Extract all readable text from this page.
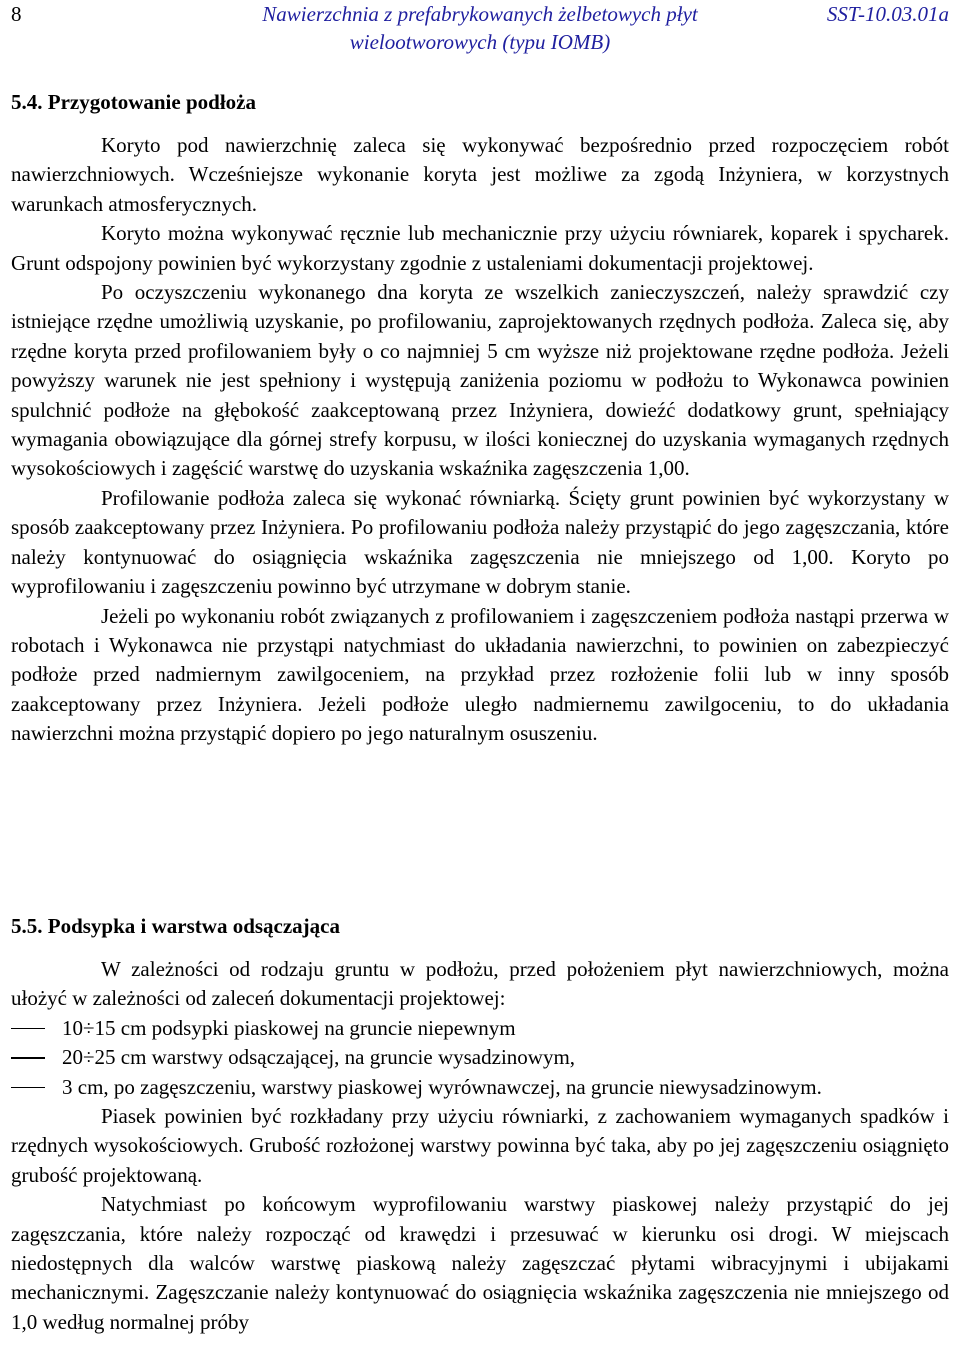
8	Nawierzchnia z prefabrykowanych żelbetowych płyt
wielootworowych (typu IOMB)
SST-10.03.01a
5.4. Przygotowanie podłoża

Koryto pod nawierzchnię zaleca się wykonywać bezpośrednio przed rozpoczęciem robót nawierzchniowych. Wcześniejsze wykonanie koryta jest możliwe za zgodą Inżyniera, w korzystnych warunkach atmosferycznych.

Koryto można wykonywać ręcznie lub mechanicznie przy użyciu równiarek, koparek i spycharek. Grunt odspojony powinien być wykorzystany zgodnie z ustaleniami dokumentacji projektowej.

Po oczyszczeniu wykonanego dna koryta ze wszelkich zanieczyszczeń, należy sprawdzić czy istniejące rzędne umożliwią uzyskanie, po profilowaniu, zaprojektowanych rzędnych podłoża. Zaleca się, aby rzędne koryta przed profilowaniem były o co najmniej 5 cm wyższe niż projektowane rzędne podłoża. Jeżeli powyższy warunek nie jest spełniony i występują zaniżenia poziomu w podłożu to Wykonawca powinien spulchnić podłoże na głębokość zaakceptowaną przez Inżyniera, dowieźć dodatkowy grunt, spełniający wymagania obowiązujące dla górnej strefy korpusu, w ilości koniecznej do uzyskania wymaganych rzędnych wysokościowych i zagęścić warstwę do uzyskania wskaźnika zagęszczenia 1,00.

Profilowanie podłoża zaleca się wykonać równiarką. Ścięty grunt powinien być wykorzystany w sposób zaakceptowany przez Inżyniera. Po profilowaniu podłoża należy przystąpić do jego zagęszczania, które należy kontynuować do osiągnięcia wskaźnika zagęszczenia nie mniejszego od 1,00. Koryto po wyprofilowaniu i zagęszczeniu powinno być utrzymane w dobrym stanie.

Jeżeli po wykonaniu robót związanych z profilowaniem i zagęszczeniem podłoża nastąpi przerwa w robotach i Wykonawca nie przystąpi natychmiast do układania nawierzchni, to powinien on zabezpieczyć podłoże przed nadmiernym zawilgoceniem, na przykład przez rozłożenie folii lub w inny sposób zaakceptowany przez Inżyniera. Jeżeli podłoże uległo nadmiernemu zawilgoceniu, to do układania nawierzchni można przystąpić dopiero po jego naturalnym osuszeniu.

5.5. Podsypka i warstwa odsączająca

W zależności od rodzaju gruntu w podłożu, przed położeniem płyt nawierzchniowych, można ułożyć w zależności od zaleceń dokumentacji projektowej:

10÷15 cm podsypki piaskowej na gruncie niepewnym
20÷25 cm warstwy odsączającej, na gruncie wysadzinowym,
3 cm, po zagęszczeniu, warstwy piaskowej wyrównawczej, na gruncie niewysadzinowym.

Piasek powinien być rozkładany przy użyciu równiarki, z zachowaniem wymaganych spadków i rzędnych wysokościowych. Grubość rozłożonej warstwy powinna być taka, aby po jej zagęszczeniu osiągnięto grubość projektowaną.

Natychmiast po końcowym wyprofilowaniu warstwy piaskowej należy przystąpić do jej zagęszczania, które należy rozpocząć od krawędzi i przesuwać w kierunku osi drogi. W miejscach niedostępnych dla walców warstwę piaskową należy zagęszczać płytami wibracyjnymi i ubijakami mechanicznymi. Zagęszczanie należy kontynuować do osiągnięcia wskaźnika zagęszczenia nie mniejszego od 1,0 według normalnej próby
